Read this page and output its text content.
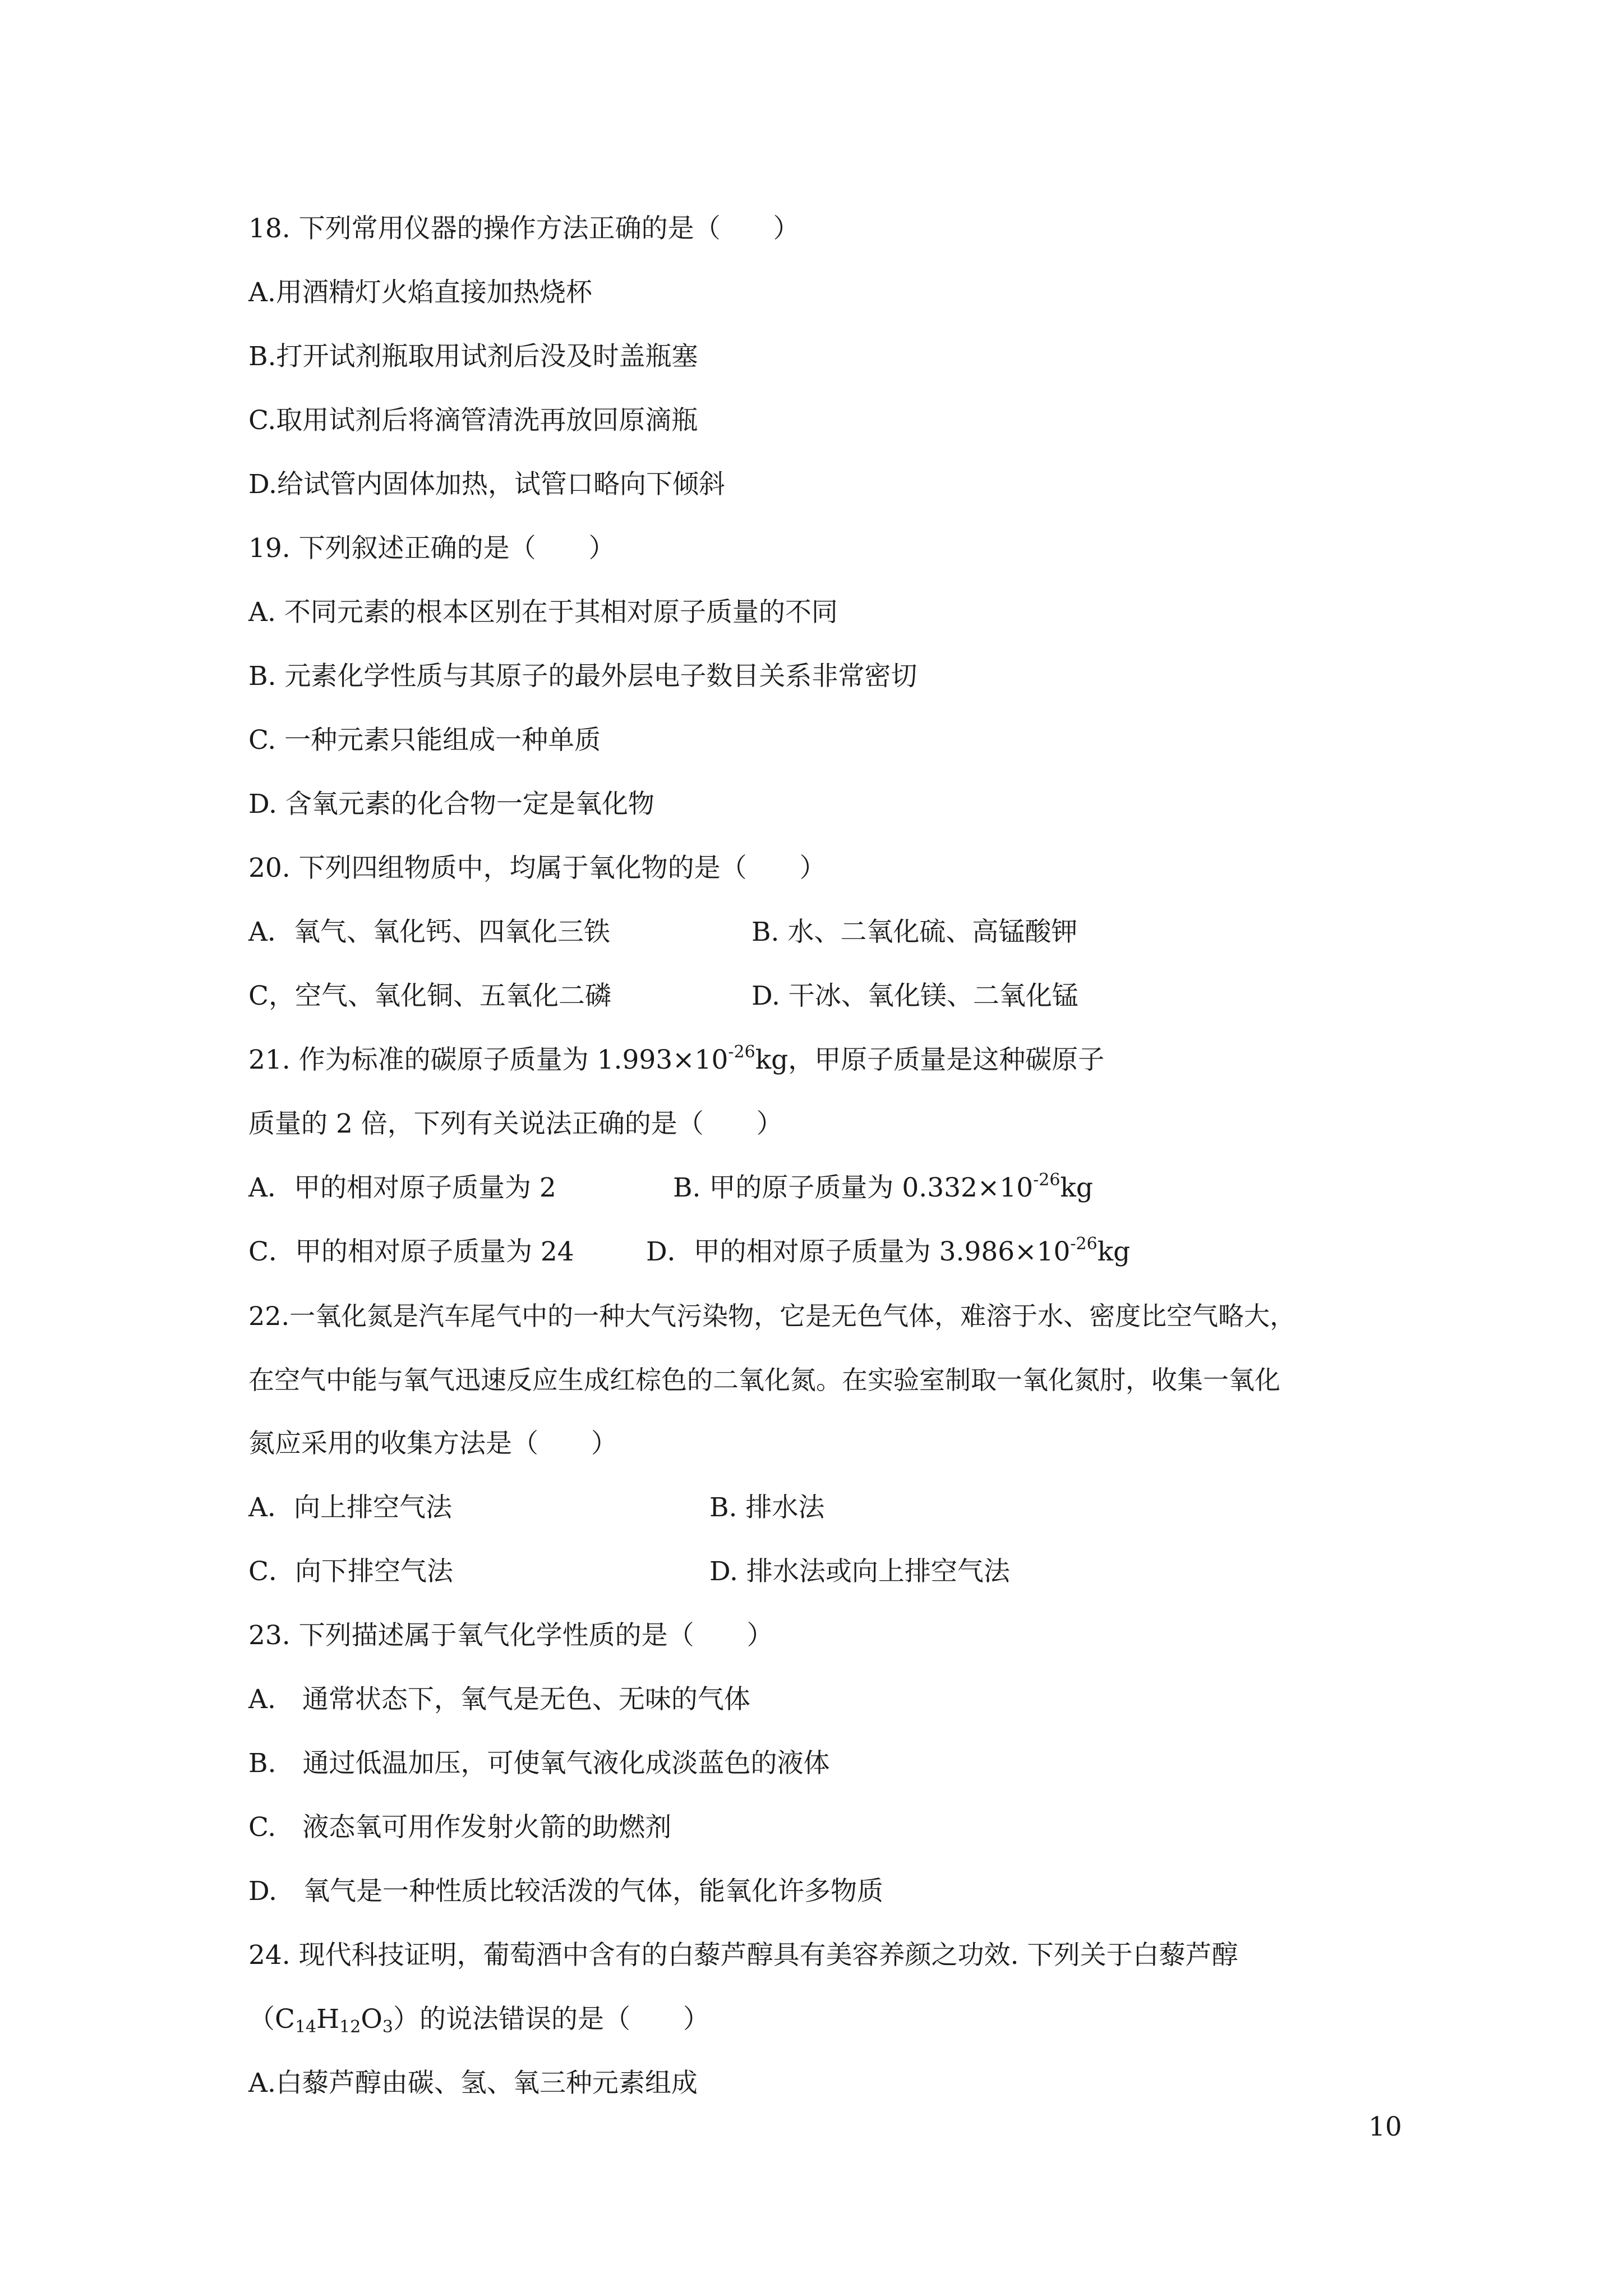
18. 下列常用仪器的操作方法正确的是（　　）
A.用酒精灯火焰直接加热烧杯
B.打开试剂瓶取用试剂后没及时盖瓶塞
C.取用试剂后将滴管清洗再放回原滴瓶
D.给试管内固体加热，试管口略向下倾斜
19. 下列叙述正确的是（　　）
A. 不同元素的根本区别在于其相对原子质量的不同
B. 元素化学性质与其原子的最外层电子数目关系非常密切
C. 一种元素只能组成一种单质
D. 含氧元素的化合物一定是氧化物
20. 下列四组物质中，均属于氧化物的是（　　）
A．氧气、氧化钙、四氧化三铁	B. 水、二氧化硫、高锰酸钾
C，空气、氧化铜、五氧化二磷	D. 干冰、氧化镁、二氧化锰
21. 作为标准的碳原子质量为 $1.993\times 10^{-26}kg$，甲原子质量是这种碳原子
质量的 2 倍，下列有关说法正确的是（　　）
A．甲的相对原子质量为 2	B. 甲的原子质量为 $0.332\times 10^{-26}kg$
C．甲的相对原子质量为 24	D．甲的相对原子质量为 $3.986\times 10^{-26}kg$
22.一氧化氮是汽车尾气中的一种大气污染物，它是无色气体，难溶于水、密度比空气略大，
在空气中能与氧气迅速反应生成红棕色的二氧化氮。在实验室制取一氧化氮肘，收集一氧化
氮应采用的收集方法是（　　）
A．向上排空气法	B. 排水法
C．向下排空气法	D. 排水法或向上排空气法
23. 下列描述属于氧气化学性质的是（　　）
A.　通常状态下，氧气是无色、无味的气体
B.　通过低温加压，可使氧气液化成淡蓝色的液体
C.　液态氧可用作发射火箭的助燃剂
D.　氧气是一种性质比较活泼的气体，能氧化许多物质
24. 现代科技证明，葡萄酒中含有的白藜芦醇具有美容养颜之功效. 下列关于白藜芦醇
$(C_{14}H_{12}O_3)$的说法错误的是（　　）
A.白藜芦醇由碳、氢、氧三种元素组成
10
